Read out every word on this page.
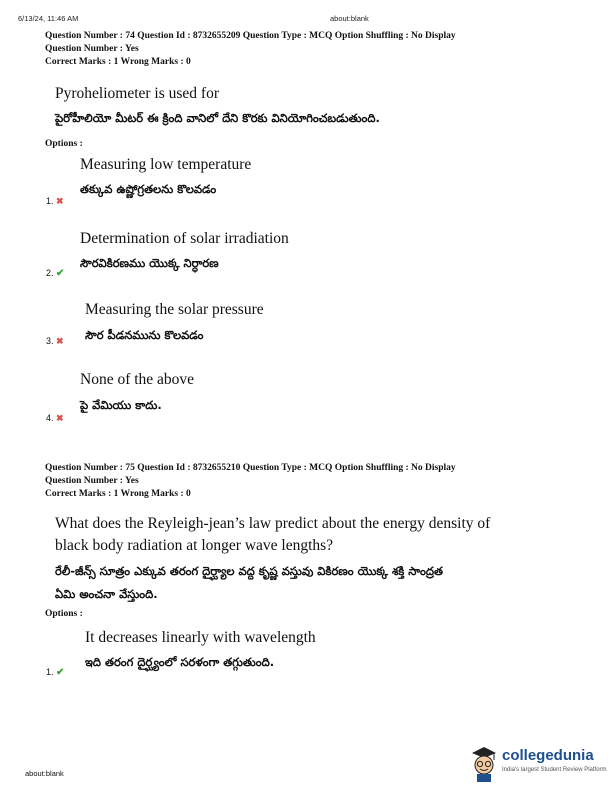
6/13/24, 11:46 AM	about:blank
Question Number : 74 Question Id : 8732655209 Question Type : MCQ Option Shuffling : No Display
Question Number : Yes
Correct Marks : 1 Wrong Marks : 0
Pyroheliometer is used for
పైరోహీలియో మీటర్ ఈ క్రింది వానిలో దేని కొరకు వినియోగించబడుతుంది.
Options :
Measuring low temperature
తక్కువ ఉష్ణోగ్రతలను కొలవడం
1. ✖
Determination of solar irradiation
సౌరవికిరణము యొక్క నిర్ధారణ
2. ✔
Measuring the solar pressure
సౌర పీడనమును కొలవడం
3. ✖
None of the above
పై వేమియు కాదు.
4. ✖
Question Number : 75 Question Id : 8732655210 Question Type : MCQ Option Shuffling : No Display
Question Number : Yes
Correct Marks : 1 Wrong Marks : 0
What does the Reyleigh-jean’s law predict about the energy density of
black body radiation at longer wave lengths?
రేలీ-జీన్స్ సూత్రం ఎక్కువ తరంగ దైర్ఘ్యాల వద్ద కృష్ణ వస్తువు వికిరణం యొక్క శక్తి సాంద్రత
ఏమి అంచనా వేస్తుంది.
Options :
It decreases linearly with wavelength
ఇది తరంగ దైర్ఘ్యంలో సరళంగా తగ్గుతుంది.
1. ✔
about:blank
collegedunia
India's largest Student Review Platform
